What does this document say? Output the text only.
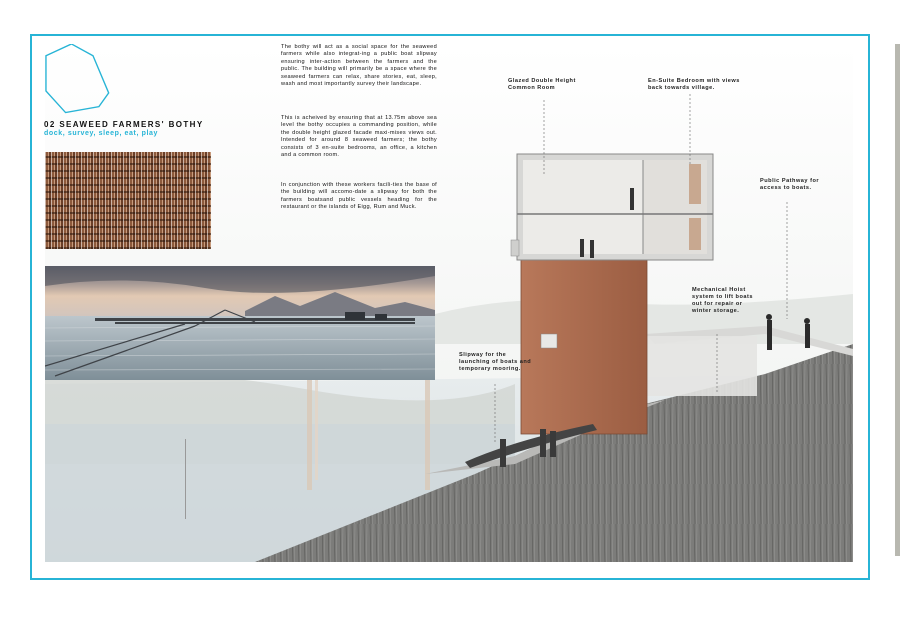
02 SEAWEED FARMERS' BOTHY
dock, survey, sleep, eat, play

The bothy will act as a social space for the seaweed farmers while also integrat-ing a public boat slipway ensuring inter-action between the farmers and the public. The building will primarily be a space where the seaweed farmers can relax, share stories, eat, sleep, wash and most importantly survey their landscape.

This is acheived by ensuring that at 13.75m above sea level the bothy occupies a commanding position, while the double height glazed facade maxi-mises views out. Intended for around 8 seaweed farmers; the bothy consists of 3 en-suite bedrooms, an office, a kitchen and a common room.

In conjunction with these workers facili-ties the base of the building will accomo-date a slipway for both the farmers boatsand public vessels heading for the restaurant or the islands of Eigg, Rum and Muck.

Glazed Double Height
Common Room
En-Suite Bedroom with views
back towards village.
Public Pathway for
access to boats.
Mechanical Hoist
system to lift boats
out for repair or
winter storage.
Slipway for the
launching of boats and
temporary mooring.
